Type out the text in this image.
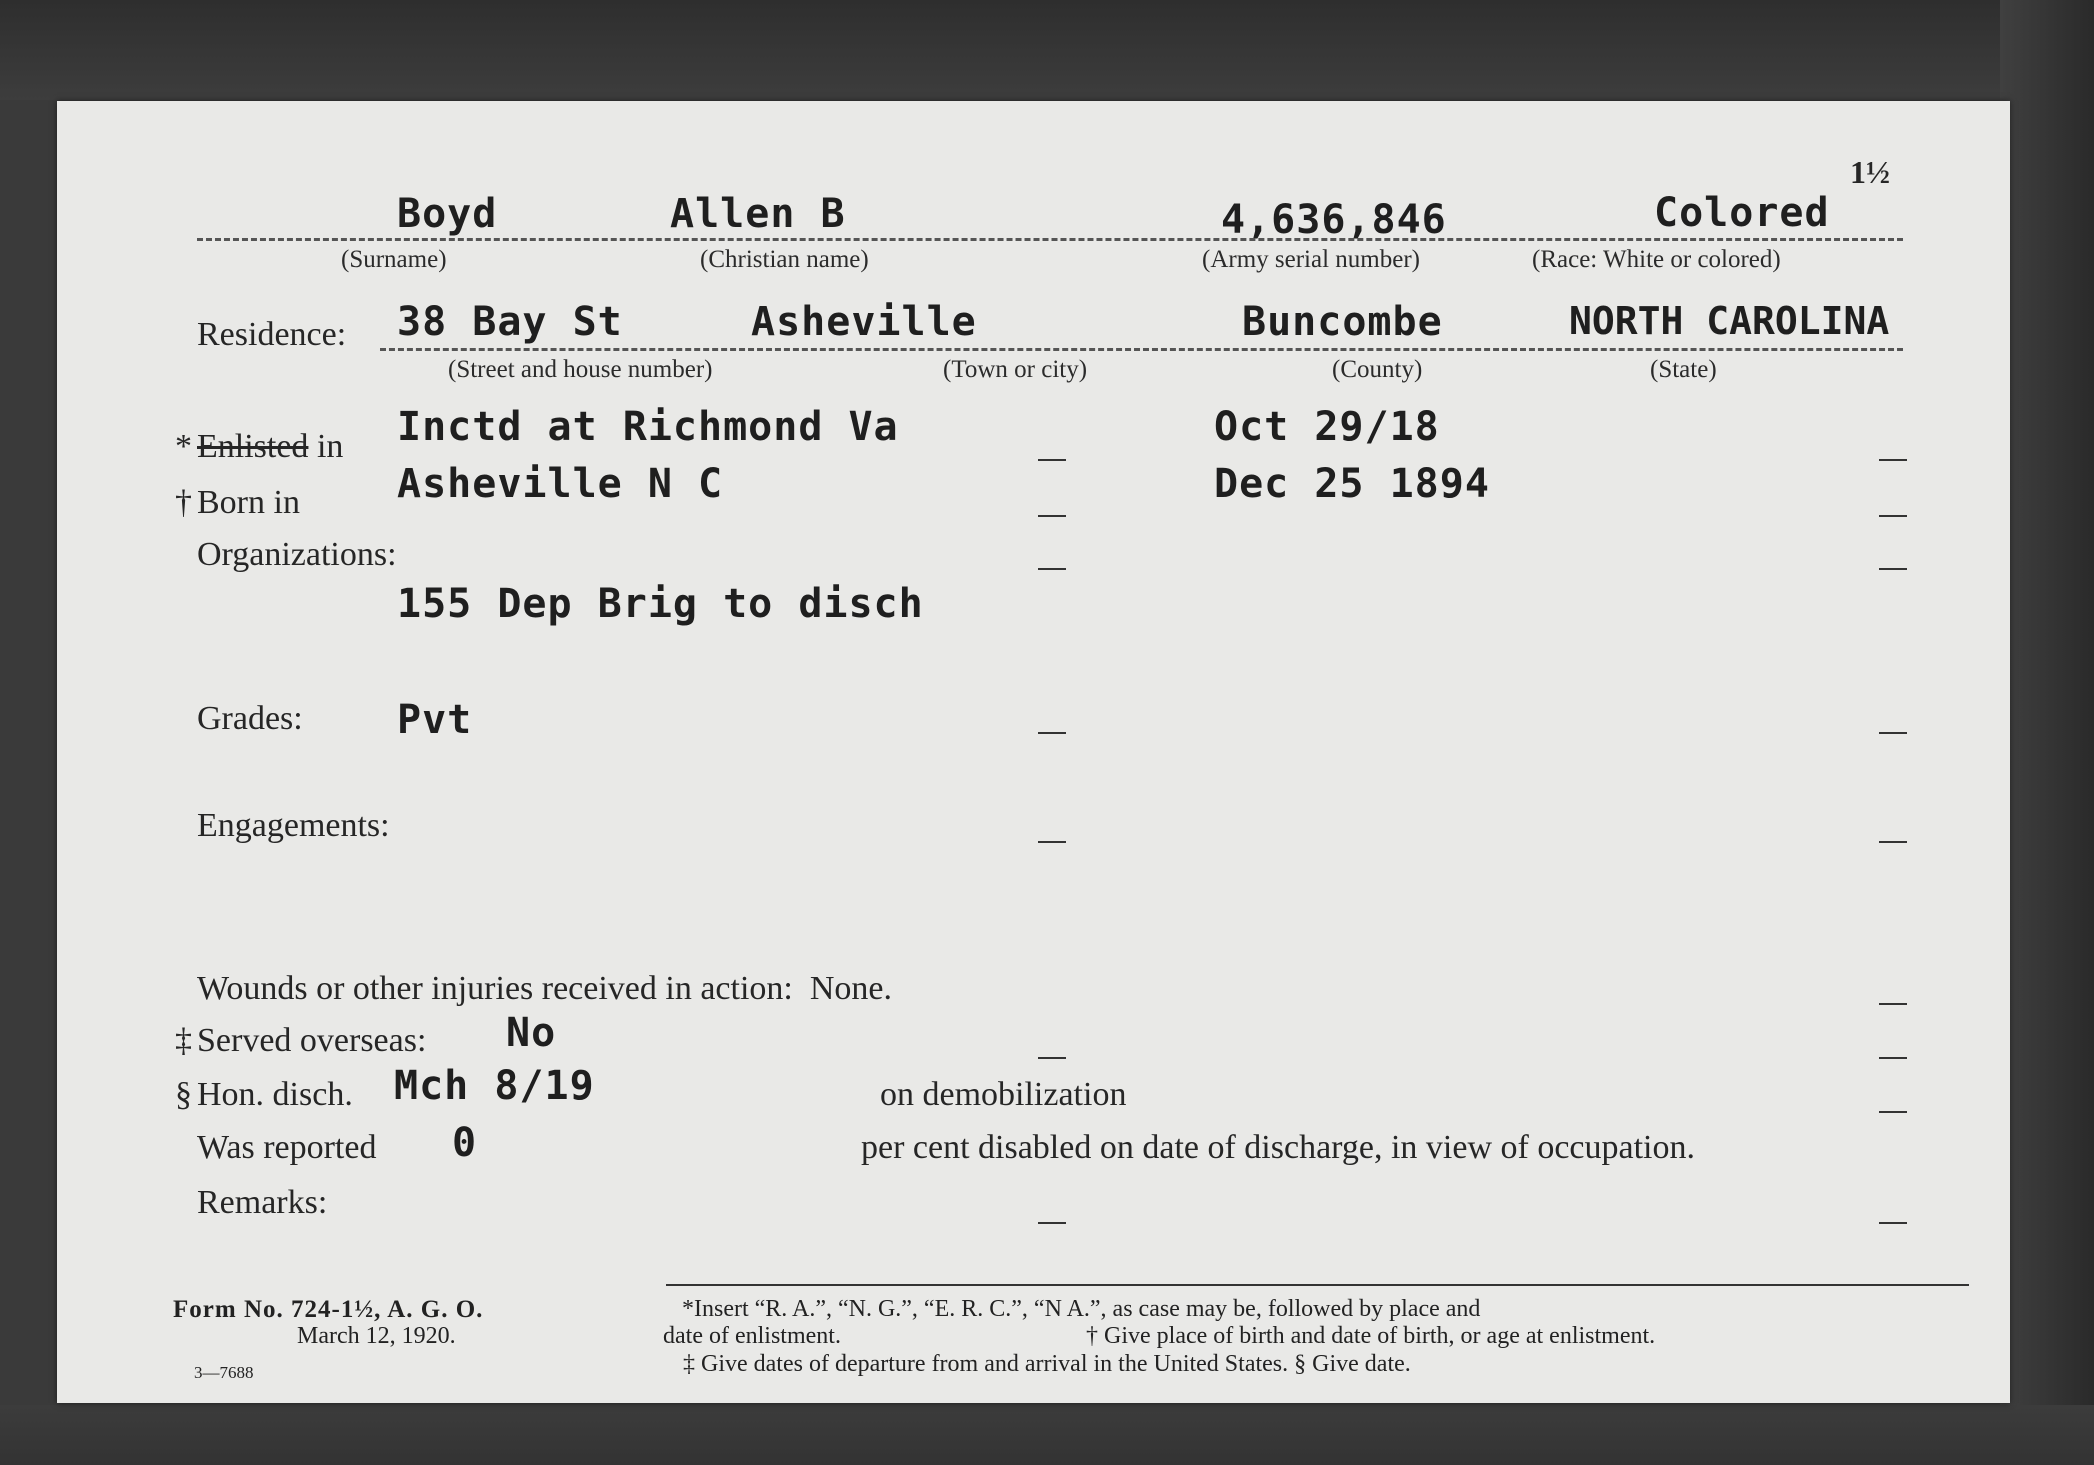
1½
Boyd	Allen B	4,636,846	Colored
(Surname)	(Christian name)	(Army serial number)	(Race: White or colored)
Residence: 38 Bay St	Asheville	Buncombe	NORTH CAROLINA
(Street and house number)	(Town or city)	(County)	(State)
* Enlisted in Inctd at Richmond Va	Oct 29/18
† Born in Asheville N C	Dec 25 1894
Organizations:
155 Dep Brig to disch
Grades: Pvt
Engagements:
Wounds or other injuries received in action: None.
‡ Served overseas: No
§ Hon. disch. Mch 8/19	on demobilization
Was reported 0	per cent disabled on date of discharge, in view of occupation.
Remarks:
Form No. 724-1½, A. G. O.
March 12, 1920.
3—7688
*Insert “R. A.”, “N. G.”, “E. R. C.”, “N A.”, as case may be, followed by place and
date of enlistment.	† Give place of birth and date of birth, or age at enlistment.
‡ Give dates of departure from and arrival in the United States. § Give date.
